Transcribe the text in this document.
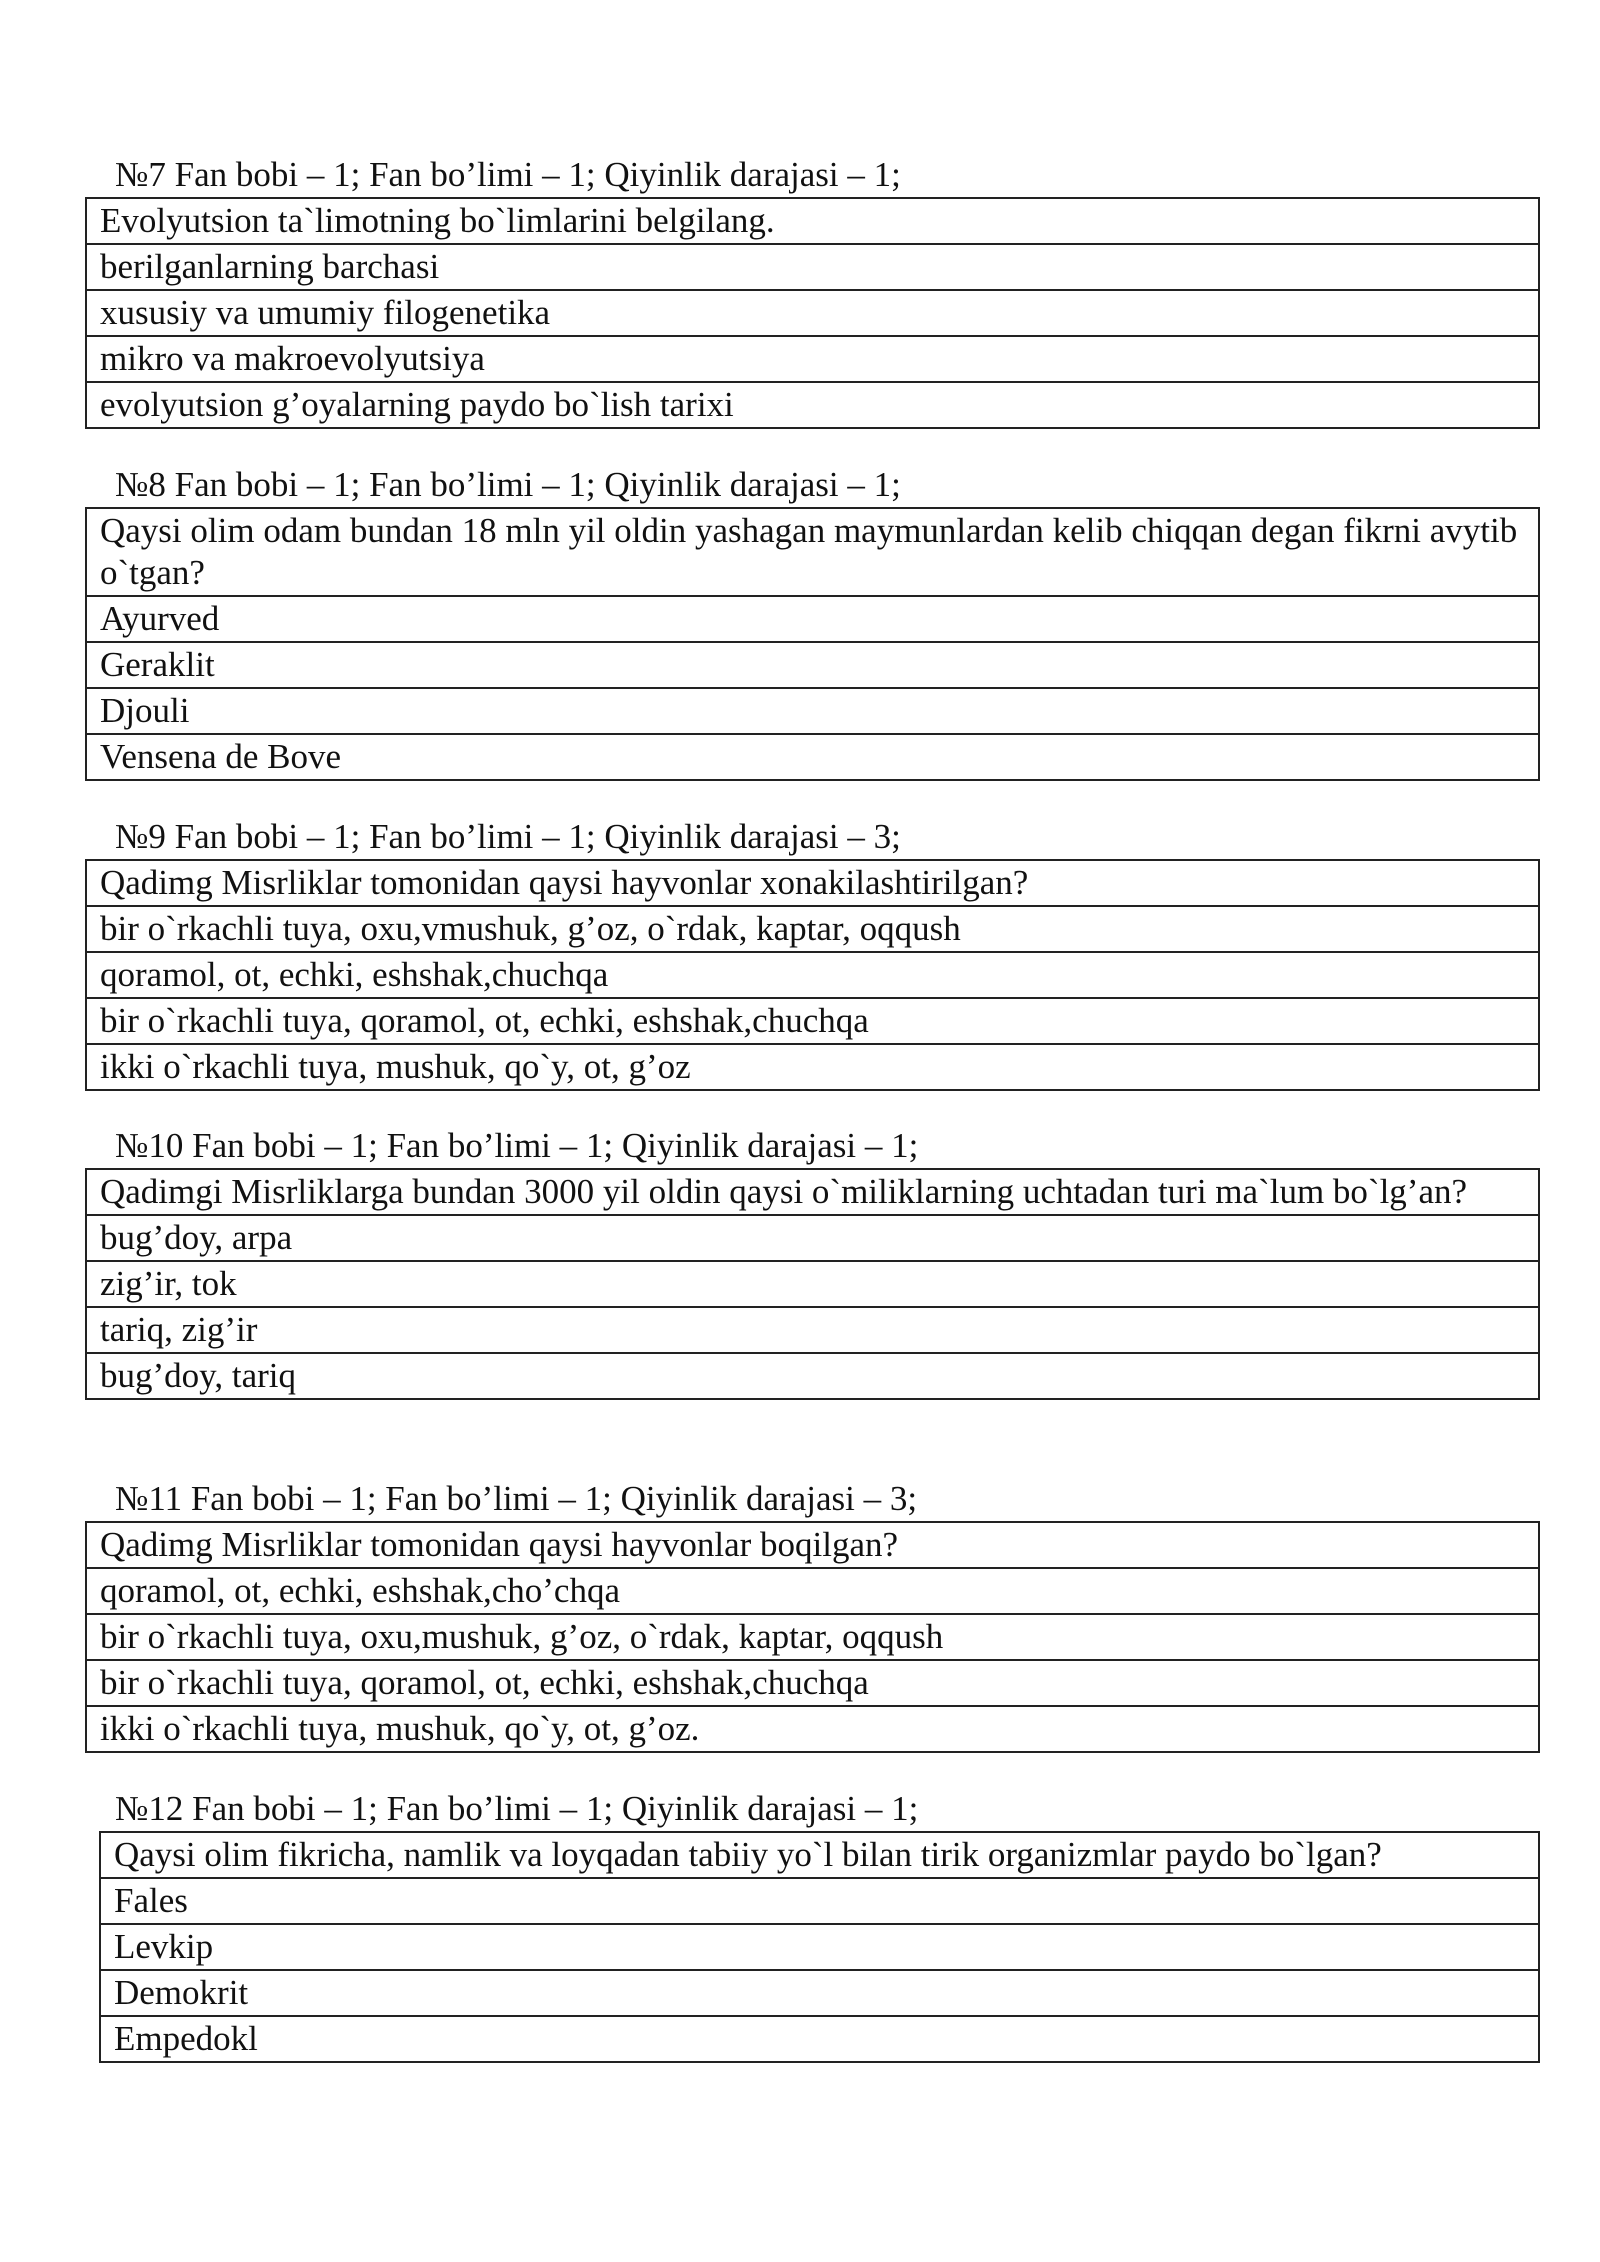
№7 Fan bobi – 1; Fan bo’limi – 1; Qiyinlik darajasi – 1;
Evolyutsion ta`limotning bo`limlarini belgilang.
berilganlarning barchasi
xususiy va umumiy filogenetika
mikro va makroevolyutsiya
evolyutsion g’oyalarning paydo bo`lish tarixi
№8 Fan bobi – 1; Fan bo’limi – 1; Qiyinlik darajasi – 1;
Qaysi olim odam bundan 18 mln yil oldin yashagan maymunlardan kelib chiqqan degan fikrni avytib o`tgan?
Ayurved
Geraklit
Djouli
Vensena de Bove
№9 Fan bobi – 1; Fan bo’limi – 1; Qiyinlik darajasi – 3;
Qadimg Misrliklar tomonidan qaysi hayvonlar xonakilashtirilgan?
bir o`rkachli tuya, oxu,vmushuk, g’oz, o`rdak, kaptar, oqqush
qoramol, ot, echki, eshshak,chuchqa
bir o`rkachli tuya, qoramol, ot, echki, eshshak,chuchqa
ikki o`rkachli tuya, mushuk, qo`y, ot, g’oz
№10 Fan bobi – 1; Fan bo’limi – 1; Qiyinlik darajasi – 1;
Qadimgi Misrliklarga bundan 3000 yil oldin qaysi o`miliklarning uchtadan turi ma`lum bo`lg’an?
bug’doy, arpa
zig’ir, tok
tariq, zig’ir
bug’doy, tariq
№11 Fan bobi – 1; Fan bo’limi – 1; Qiyinlik darajasi – 3;
Qadimg Misrliklar tomonidan qaysi hayvonlar boqilgan?
qoramol, ot, echki, eshshak,cho’chqa
bir o`rkachli tuya, oxu,mushuk, g’oz, o`rdak, kaptar, oqqush
bir o`rkachli tuya, qoramol, ot, echki, eshshak,chuchqa
ikki o`rkachli tuya, mushuk, qo`y, ot, g’oz.
№12 Fan bobi – 1; Fan bo’limi – 1; Qiyinlik darajasi – 1;
Qaysi olim fikricha, namlik va loyqadan tabiiy yo`l bilan tirik organizmlar paydo bo`lgan?
Fales
Levkip
Demokrit
Empedokl
